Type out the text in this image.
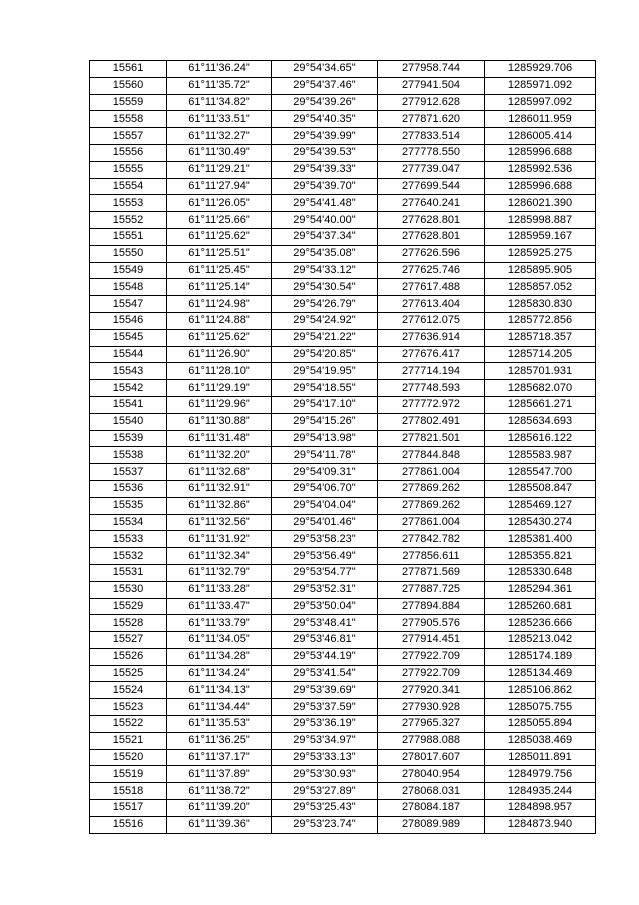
15561	61°11'36.24"	29°54'34.65"	277958.744	1285929.706
15560	61°11'35.72"	29°54'37.46"	277941.504	1285971.092
15559	61°11'34.82"	29°54'39.26"	277912.628	1285997.092
15558	61°11'33.51"	29°54'40.35"	277871.620	1286011.959
15557	61°11'32.27"	29°54'39.99"	277833.514	1286005.414
15556	61°11'30.49"	29°54'39.53"	277778.550	1285996.688
15555	61°11'29.21"	29°54'39.33"	277739.047	1285992.536
15554	61°11'27.94"	29°54'39.70"	277699.544	1285996.688
15553	61°11'26.05"	29°54'41.48"	277640.241	1286021.390
15552	61°11'25.66"	29°54'40.00"	277628.801	1285998.887
15551	61°11'25.62"	29°54'37.34"	277628.801	1285959.167
15550	61°11'25.51"	29°54'35.08"	277626.596	1285925.275
15549	61°11'25.45"	29°54'33.12"	277625.746	1285895.905
15548	61°11'25.14"	29°54'30.54"	277617.488	1285857.052
15547	61°11'24.98"	29°54'26.79"	277613.404	1285830.830
15546	61°11'24.88"	29°54'24.92"	277612.075	1285772.856
15545	61°11'25.62"	29°54'21.22"	277636.914	1285718.357
15544	61°11'26.90"	29°54'20.85"	277676.417	1285714.205
15543	61°11'28.10"	29°54'19.95"	277714.194	1285701.931
15542	61°11'29.19"	29°54'18.55"	277748.593	1285682.070
15541	61°11'29.96"	29°54'17.10"	277772.972	1285661.271
15540	61°11'30.88"	29°54'15.26"	277802.491	1285634.693
15539	61°11'31.48"	29°54'13.98"	277821.501	1285616.122
15538	61°11'32.20"	29°54'11.78"	277844.848	1285583.987
15537	61°11'32.68"	29°54'09.31"	277861.004	1285547.700
15536	61°11'32.91"	29°54'06.70"	277869.262	1285508.847
15535	61°11'32.86"	29°54'04.04"	277869.262	1285469.127
15534	61°11'32.56"	29°54'01.46"	277861.004	1285430.274
15533	61°11'31.92"	29°53'58.23"	277842.782	1285381.400
15532	61°11'32.34"	29°53'56.49"	277856.611	1285355.821
15531	61°11'32.79"	29°53'54.77"	277871.569	1285330.648
15530	61°11'33.28"	29°53'52.31"	277887.725	1285294.361
15529	61°11'33.47"	29°53'50.04"	277894.884	1285260.681
15528	61°11'33.79"	29°53'48.41"	277905.576	1285236.666
15527	61°11'34.05"	29°53'46.81"	277914.451	1285213.042
15526	61°11'34.28"	29°53'44.19"	277922.709	1285174.189
15525	61°11'34.24"	29°53'41.54"	277922.709	1285134.469
15524	61°11'34.13"	29°53'39.69"	277920.341	1285106.862
15523	61°11'34.44"	29°53'37.59"	277930.928	1285075.755
15522	61°11'35.53"	29°53'36.19"	277965.327	1285055.894
15521	61°11'36.25"	29°53'34.97"	277988.088	1285038.469
15520	61°11'37.17"	29°53'33.13"	278017.607	1285011.891
15519	61°11'37.89"	29°53'30.93"	278040.954	1284979.756
15518	61°11'38.72"	29°53'27.89"	278068.031	1284935.244
15517	61°11'39.20"	29°53'25.43"	278084.187	1284898.957
15516	61°11'39.36"	29°53'23.74"	278089.989	1284873.940
